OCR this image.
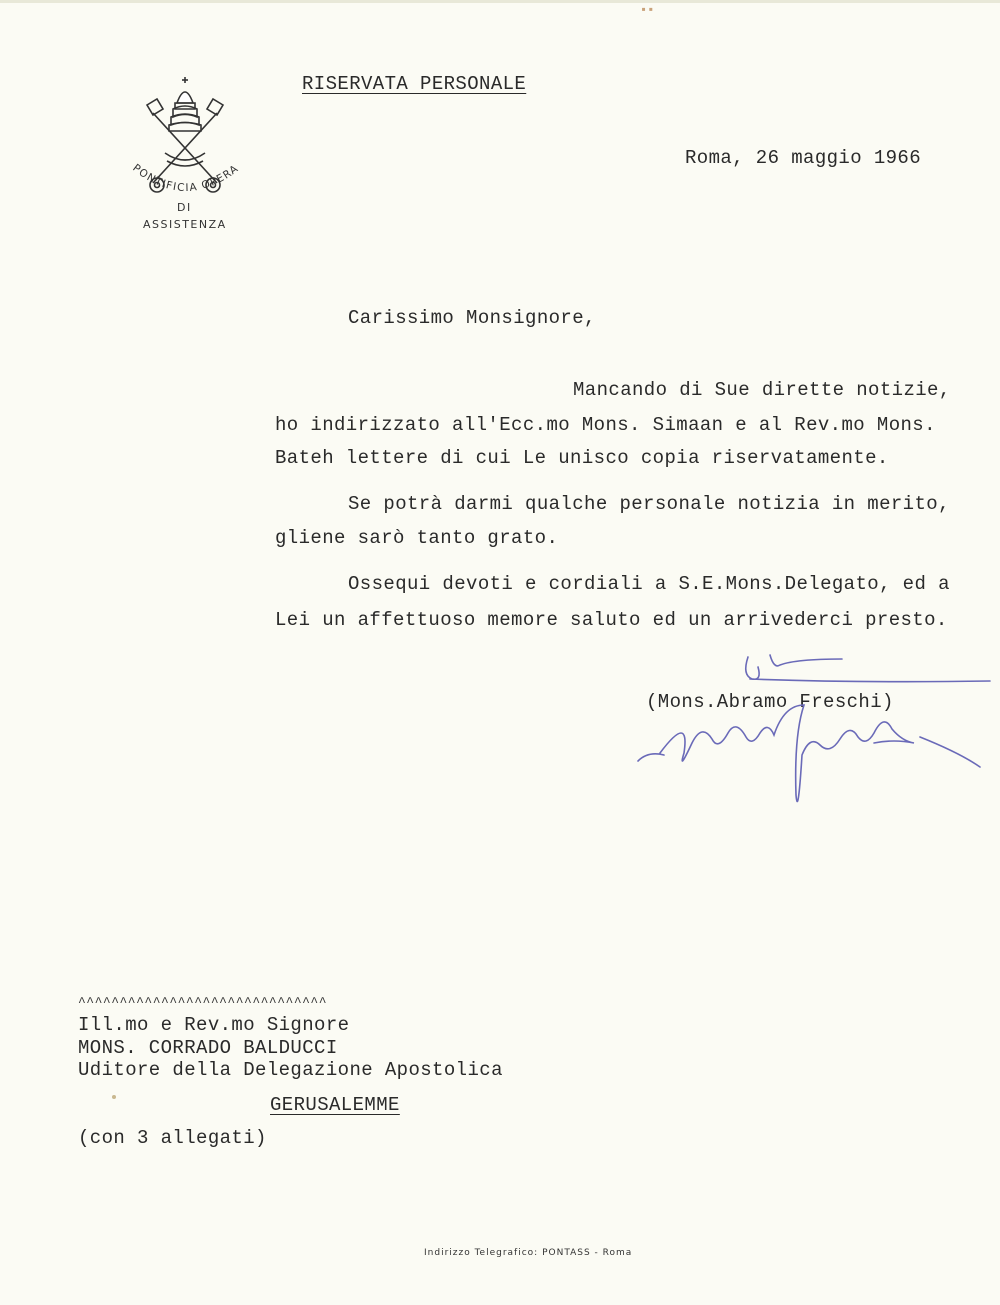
▪▪
PONTIFICIA OPERA
DI
ASSISTENZA
RISERVATA PERSONALE
Roma, 26 maggio 1966
Carissimo Monsignore,
Mancando di Sue dirette notizie,
ho indirizzato all'Ecc.mo Mons. Simaan e al Rev.mo Mons.
Bateh lettere di cui Le unisco copia riservatamente.
Se potrà darmi qualche personale notizia in merito,
gliene sarò tanto grato.
Ossequi devoti e cordiali a S.E.Mons.Delegato, ed a
Lei un affettuoso memore saluto ed un arrivederci presto.
(Mons.Abramo Freschi)
^^^^^^^^^^^^^^^^^^^^^^^^^^^^^^
Ill.mo e Rev.mo Signore
MONS. CORRADO BALDUCCI
Uditore della Delegazione Apostolica
GERUSALEMME
(con 3 allegati)
Indirizzo Telegrafico: PONTASS - Roma
